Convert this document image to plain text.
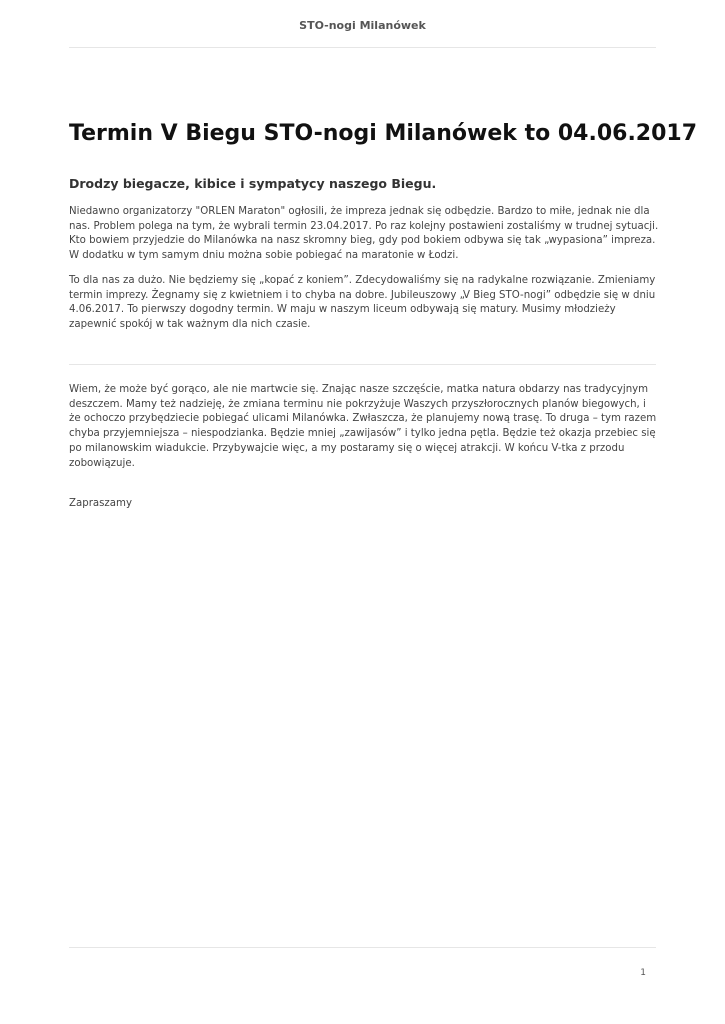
STO-nogi Milanówek
Termin V Biegu STO-nogi Milanówek to 04.06.2017
Drodzy biegacze, kibice i sympatycy naszego Biegu.

Niedawno organizatorzy "ORLEN Maraton" ogłosili, że impreza jednak się odbędzie. Bardzo to miłe, jednak nie dla nas. Problem polega na tym, że wybrali termin 23.04.2017. Po raz kolejny postawieni zostaliśmy w trudnej sytuacji. Kto bowiem przyjedzie do Milanówka na nasz skromny bieg, gdy pod bokiem odbywa się tak „wypasiona” impreza. W dodatku w tym samym dniu można sobie pobiegać na maratonie w Łodzi.

To dla nas za dużo. Nie będziemy się „kopać z koniem”. Zdecydowaliśmy się na radykalne rozwiązanie. Zmieniamy termin imprezy. Żegnamy się z kwietniem i to chyba na dobre. Jubileuszowy „V Bieg STO-nogi” odbędzie się w dniu 4.06.2017. To pierwszy dogodny termin. W maju w naszym liceum odbywają się matury. Musimy młodzieży zapewnić spokój w tak ważnym dla nich czasie.

Wiem, że może być gorąco, ale nie martwcie się. Znając nasze szczęście, matka natura obdarzy nas tradycyjnym deszczem. Mamy też nadzieję, że zmiana terminu nie pokrzyżuje Waszych przyszłorocznych planów biegowych, i że ochoczo przybędziecie pobiegać ulicami Milanówka. Zwłaszcza, że planujemy nową trasę. To druga – tym razem chyba przyjemniejsza – niespodzianka. Będzie mniej „zawijasów” i tylko jedna pętla. Będzie też okazja przebiec się po milanowskim wiadukcie. Przybywajcie więc, a my postaramy się o więcej atrakcji. W końcu V-tka z przodu zobowiązuje.

Zapraszamy

1
